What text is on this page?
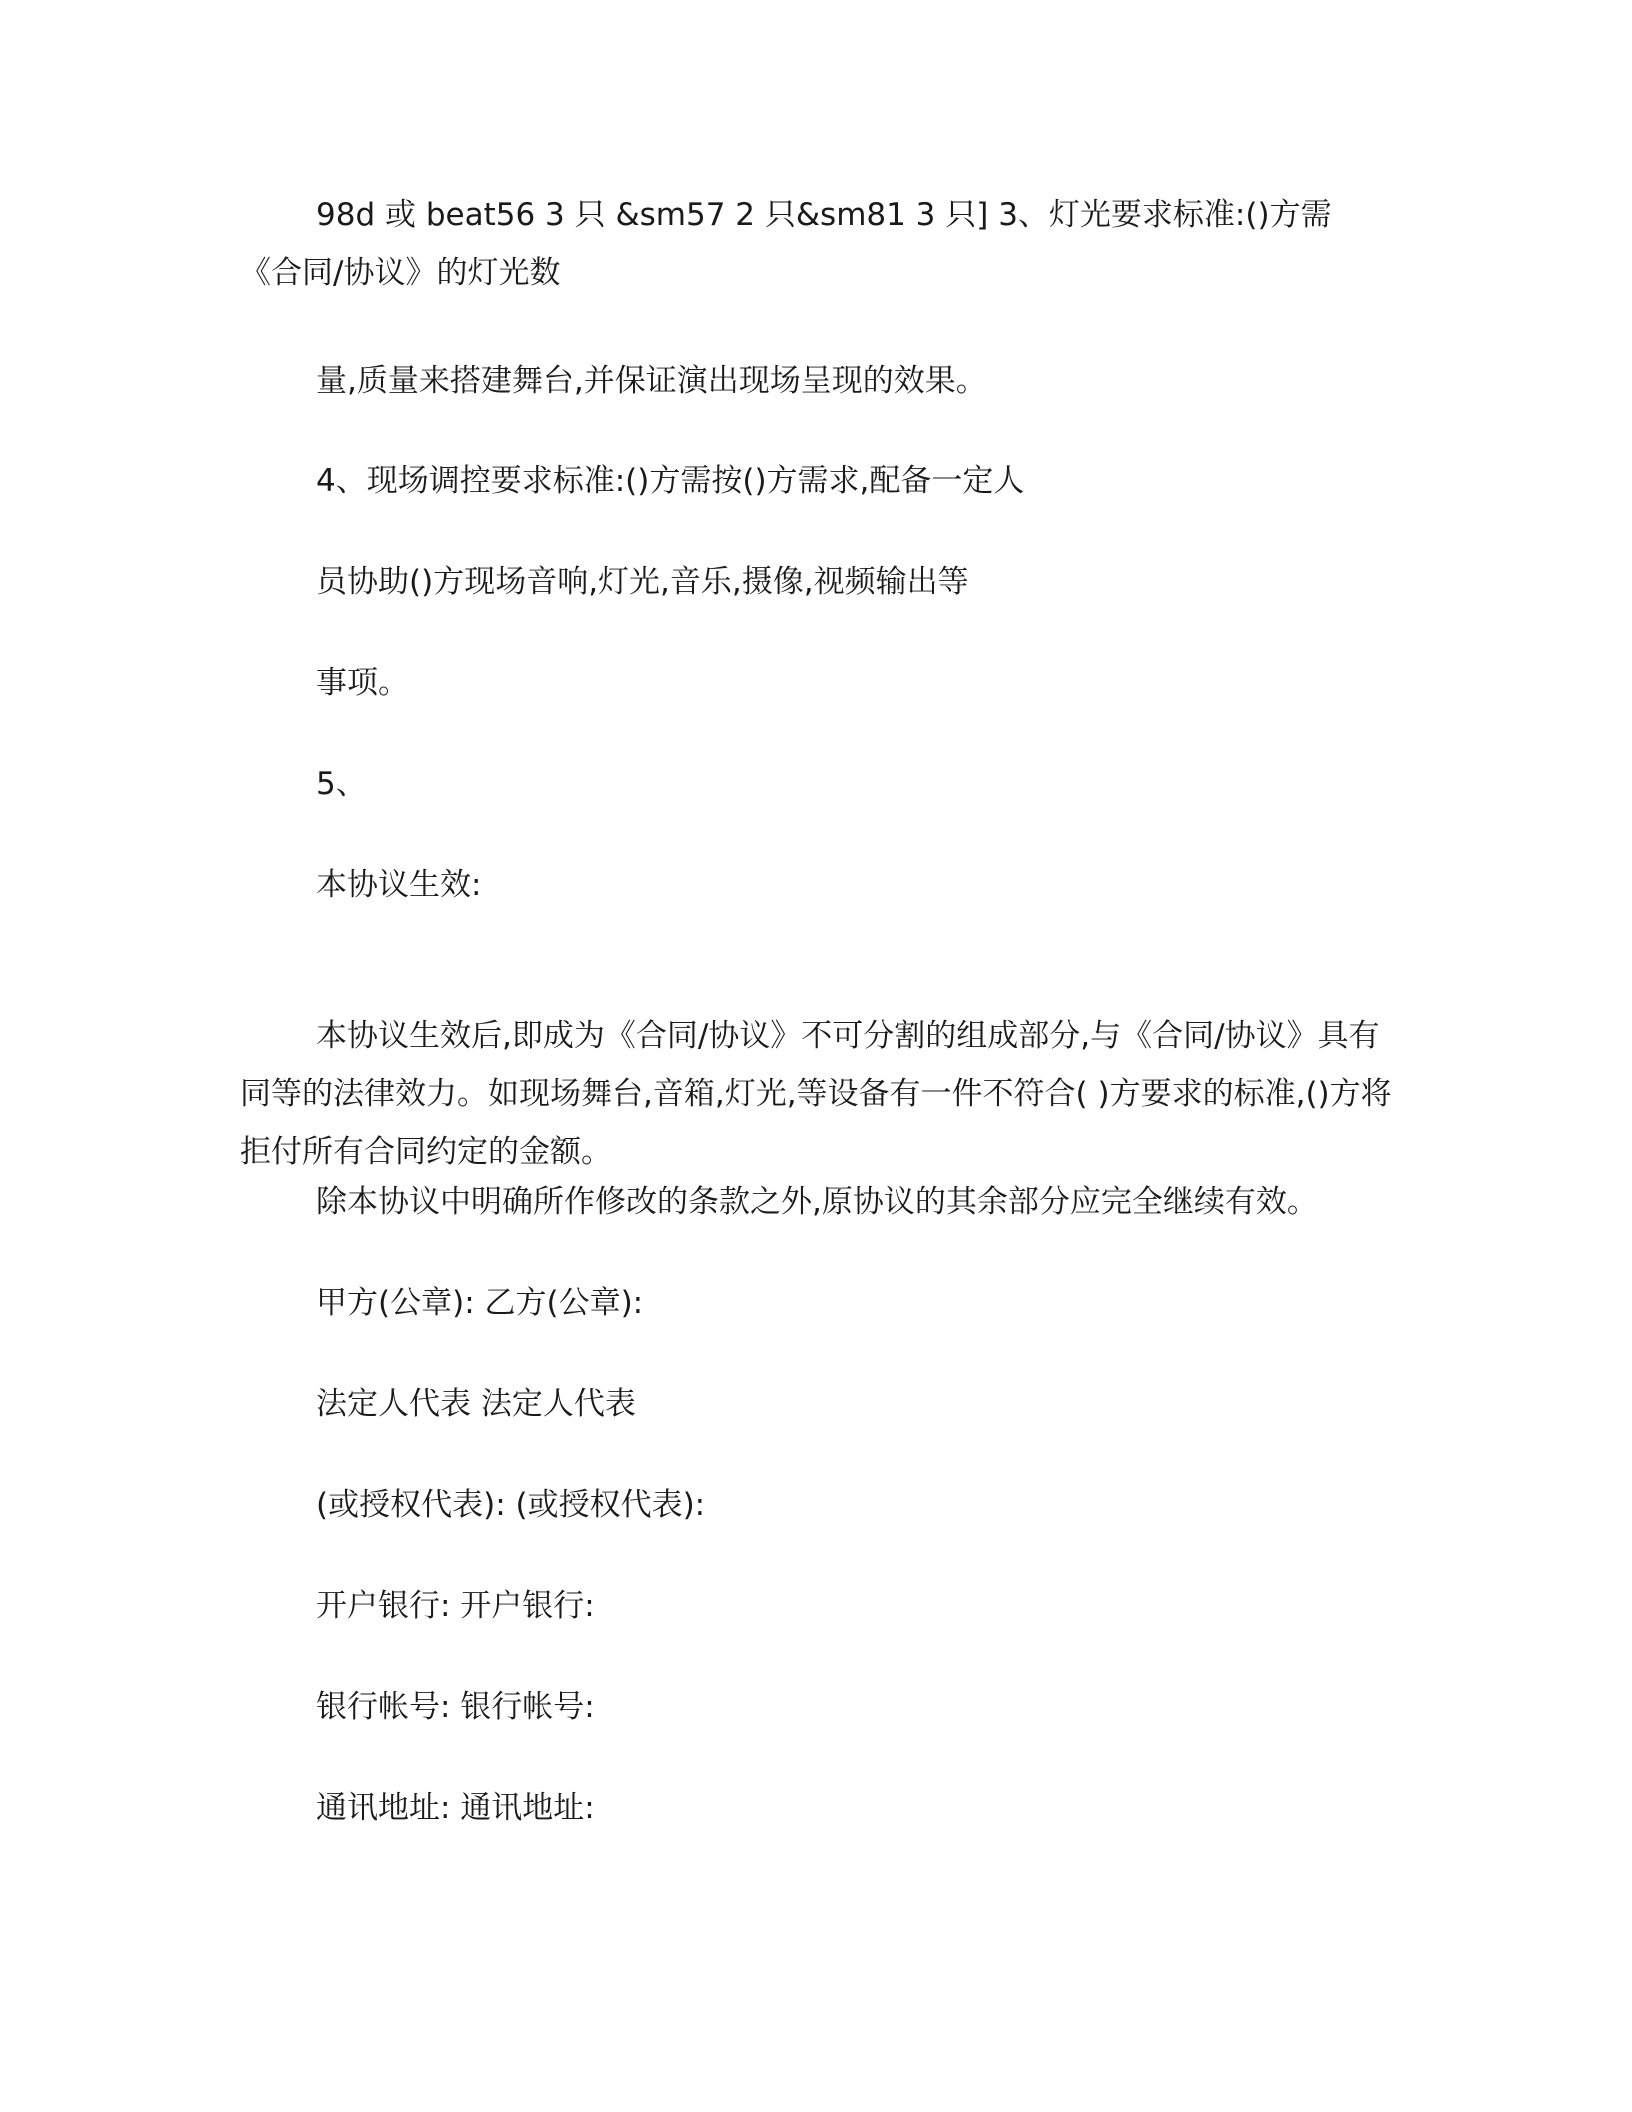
98d 或 beat56 3 只 &sm57 2 只&sm81 3 只] 3、灯光要求标准:()方需《合同/协议》的灯光数

量,质量来搭建舞台,并保证演出现场呈现的效果。

4、现场调控要求标准:()方需按()方需求,配备一定人

员协助()方现场音响,灯光,音乐,摄像,视频输出等

事项。

5、

本协议生效:

本协议生效后,即成为《合同/协议》不可分割的组成部分,与《合同/协议》具有同等的法律效力。如现场舞台,音箱,灯光,等设备有一件不符合( )方要求的标准,()方将拒付所有合同约定的金额。

除本协议中明确所作修改的条款之外,原协议的其余部分应完全继续有效。

甲方(公章): 乙方(公章):

法定人代表 法定人代表

(或授权代表): (或授权代表):

开户银行: 开户银行:

银行帐号: 银行帐号:

通讯地址: 通讯地址:
